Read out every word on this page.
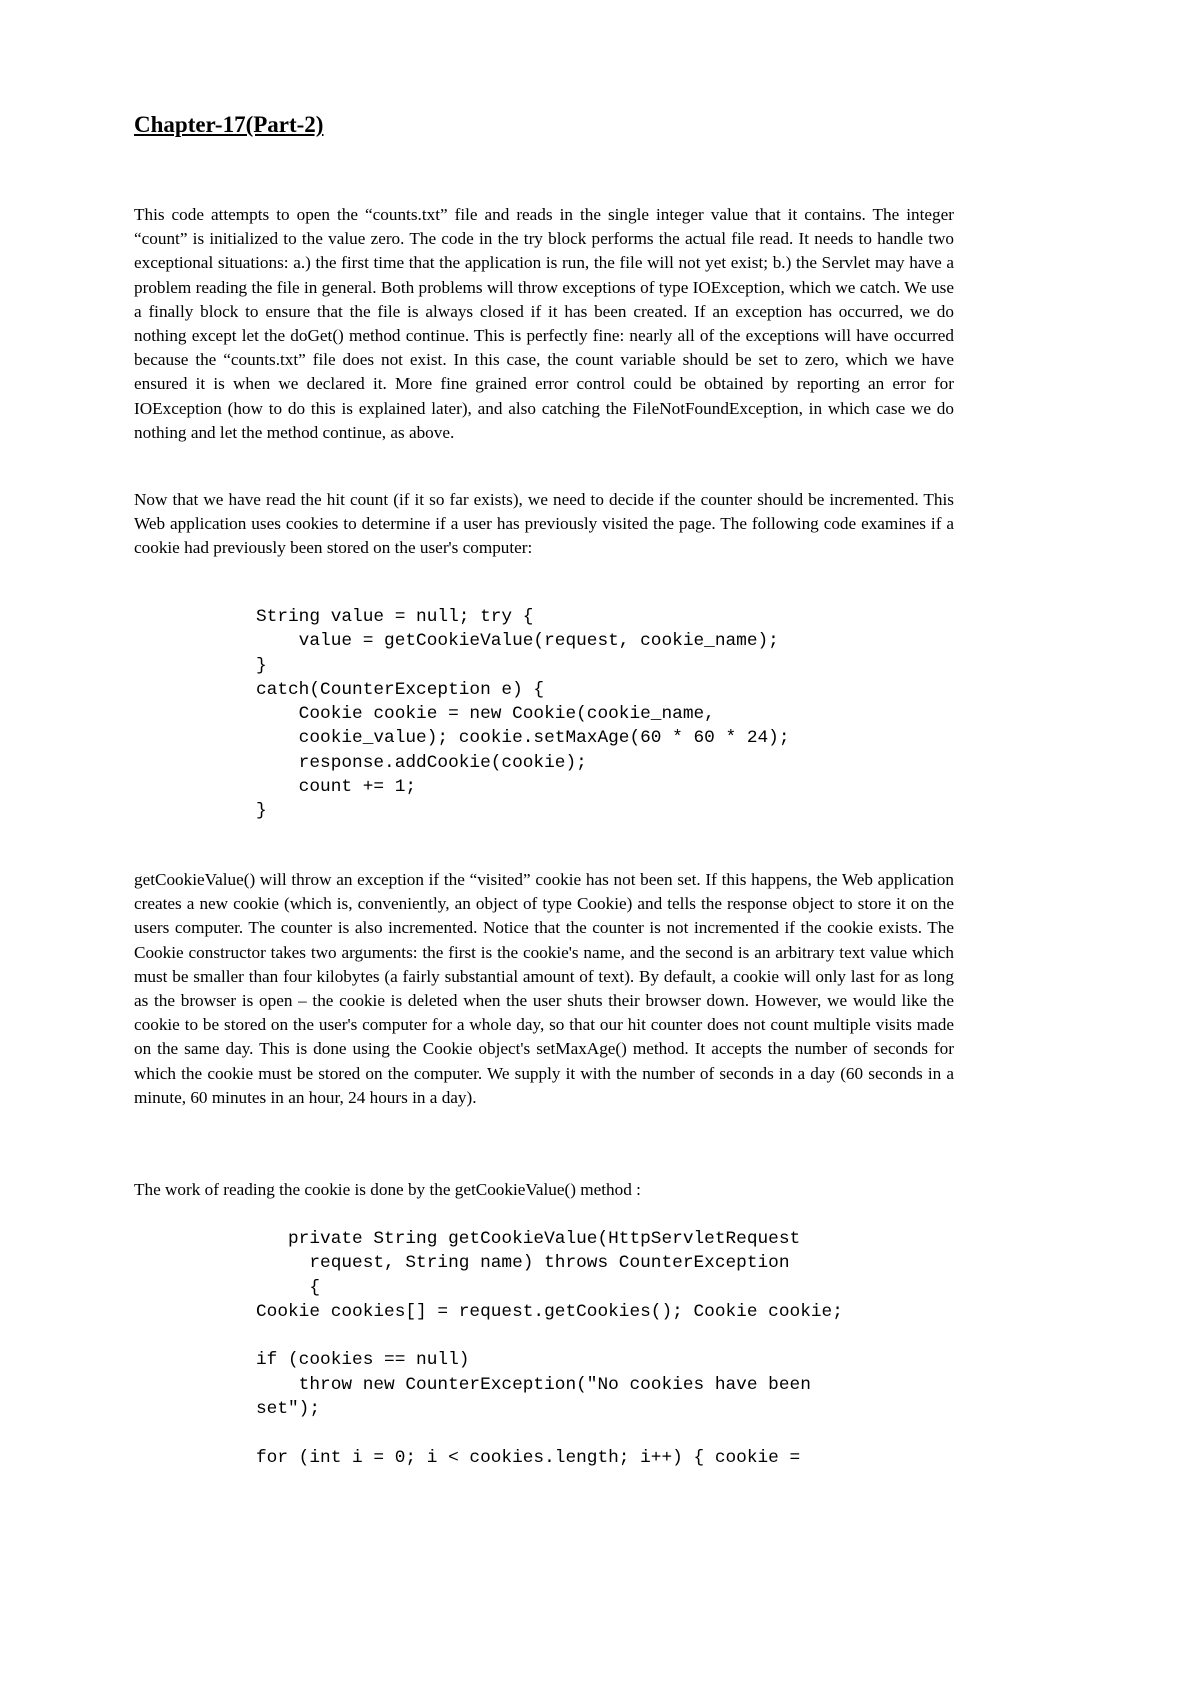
Chapter-17(Part-2)

This code attempts to open the “counts.txt” file and reads in the single integer value that it contains. The integer “count” is initialized to the value zero. The code in the try block performs the actual file read. It needs to handle two exceptional situations: a.) the first time that the application is run, the file will not yet exist; b.) the Servlet may have a problem reading the file in general. Both problems will throw exceptions of type IOException, which we catch. We use a finally block to ensure that the file is always closed if it has been created. If an exception has occurred, we do nothing except let the doGet() method continue. This is perfectly fine: nearly all of the exceptions will have occurred because the “counts.txt” file does not exist. In this case, the count variable should be set to zero, which we have ensured it is when we declared it. More fine grained error control could be obtained by reporting an error for IOException (how to do this is explained later), and also catching the FileNotFoundException, in which case we do nothing and let the method continue, as above.

Now that we have read the hit count (if it so far exists), we need to decide if the counter should be incremented. This Web application uses cookies to determine if a user has previously visited the page. The following code examines if a cookie had previously been stored on the user's computer:

String value = null; try {
value = getCookieValue(request, cookie_name);
}
catch(CounterException e) {
Cookie cookie = new Cookie(cookie_name,
cookie_value); cookie.setMaxAge(60 * 60 * 24);
response.addCookie(cookie);
count += 1;
}

getCookieValue() will throw an exception if the “visited” cookie has not been set. If this happens, the Web application creates a new cookie (which is, conveniently, an object of type Cookie) and tells the response object to store it on the users computer. The counter is also incremented. Notice that the counter is not incremented if the cookie exists. The Cookie constructor takes two arguments: the first is the cookie's name, and the second is an arbitrary text value which must be smaller than four kilobytes (a fairly substantial amount of text). By default, a cookie will only last for as long as the browser is open – the cookie is deleted when the user shuts their browser down. However, we would like the cookie to be stored on the user's computer for a whole day, so that our hit counter does not count multiple visits made on the same day. This is done using the Cookie object's setMaxAge() method. It accepts the number of seconds for which the cookie must be stored on the computer. We supply it with the number of seconds in a day (60 seconds in a minute, 60 minutes in an hour, 24 hours in a day).

The work of reading the cookie is done by the getCookieValue() method :

private String getCookieValue(HttpServletRequest
request, String name) throws CounterException
{
Cookie cookies[] = request.getCookies(); Cookie cookie;

if (cookies == null)
throw new CounterException("No cookies have been
set");

for (int i = 0; i < cookies.length; i++) { cookie =
